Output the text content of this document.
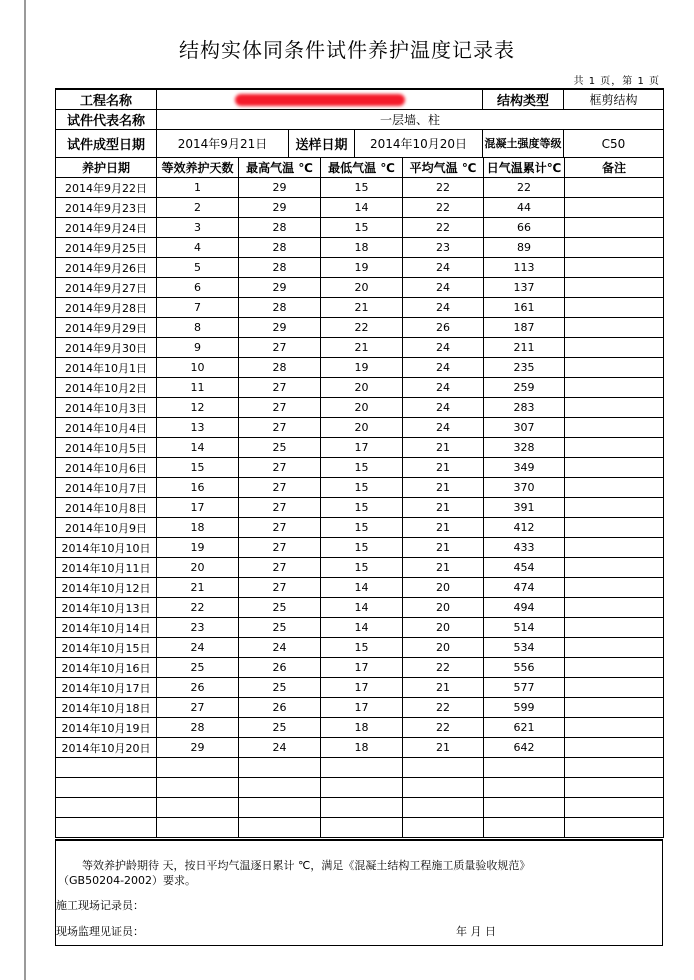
结构实体同条件试件养护温度记录表
共 1 页，第 1 页
工程名称				结构类型	框剪结构
试件代表名称	一层墙、柱				
试件成型日期	2014年9月21日	送样日期	2014年10月20日	混凝土强度等级	C50
养护日期	等效养护天数	最高气温 ℃	最低气温 ℃	平均气温 ℃	日气温累计℃	备注
2014年9月22日	1	29	15	22	22	
2014年9月23日	2	29	14	22	44	
2014年9月24日	3	28	15	22	66	
2014年9月25日	4	28	18	23	89	
2014年9月26日	5	28	19	24	113	
2014年9月27日	6	29	20	24	137	
2014年9月28日	7	28	21	24	161	
2014年9月29日	8	29	22	26	187	
2014年9月30日	9	27	21	24	211	
2014年10月1日	10	28	19	24	235	
2014年10月2日	11	27	20	24	259	
2014年10月3日	12	27	20	24	283	
2014年10月4日	13	27	20	24	307	
2014年10月5日	14	25	17	21	328	
2014年10月6日	15	27	15	21	349	
2014年10月7日	16	27	15	21	370	
2014年10月8日	17	27	15	21	391	
2014年10月9日	18	27	15	21	412	
2014年10月10日	19	27	15	21	433	
2014年10月11日	20	27	15	21	454	
2014年10月12日	21	27	14	20	474	
2014年10月13日	22	25	14	20	494	
2014年10月14日	23	25	14	20	514	
2014年10月15日	24	24	15	20	534	
2014年10月16日	25	26	17	22	556	
2014年10月17日	26	25	17	21	577	
2014年10月18日	27	26	17	22	599	
2014年10月19日	28	25	18	22	621	
2014年10月20日	29	24	18	21	642	

等效养护龄期待 天，按日平均气温逐日累计 ℃，满足《混凝土结构工程施工质量验收规范》
（GB50204-2002）要求。
施工现场记录员：
现场监理见证员：	年 月 日
